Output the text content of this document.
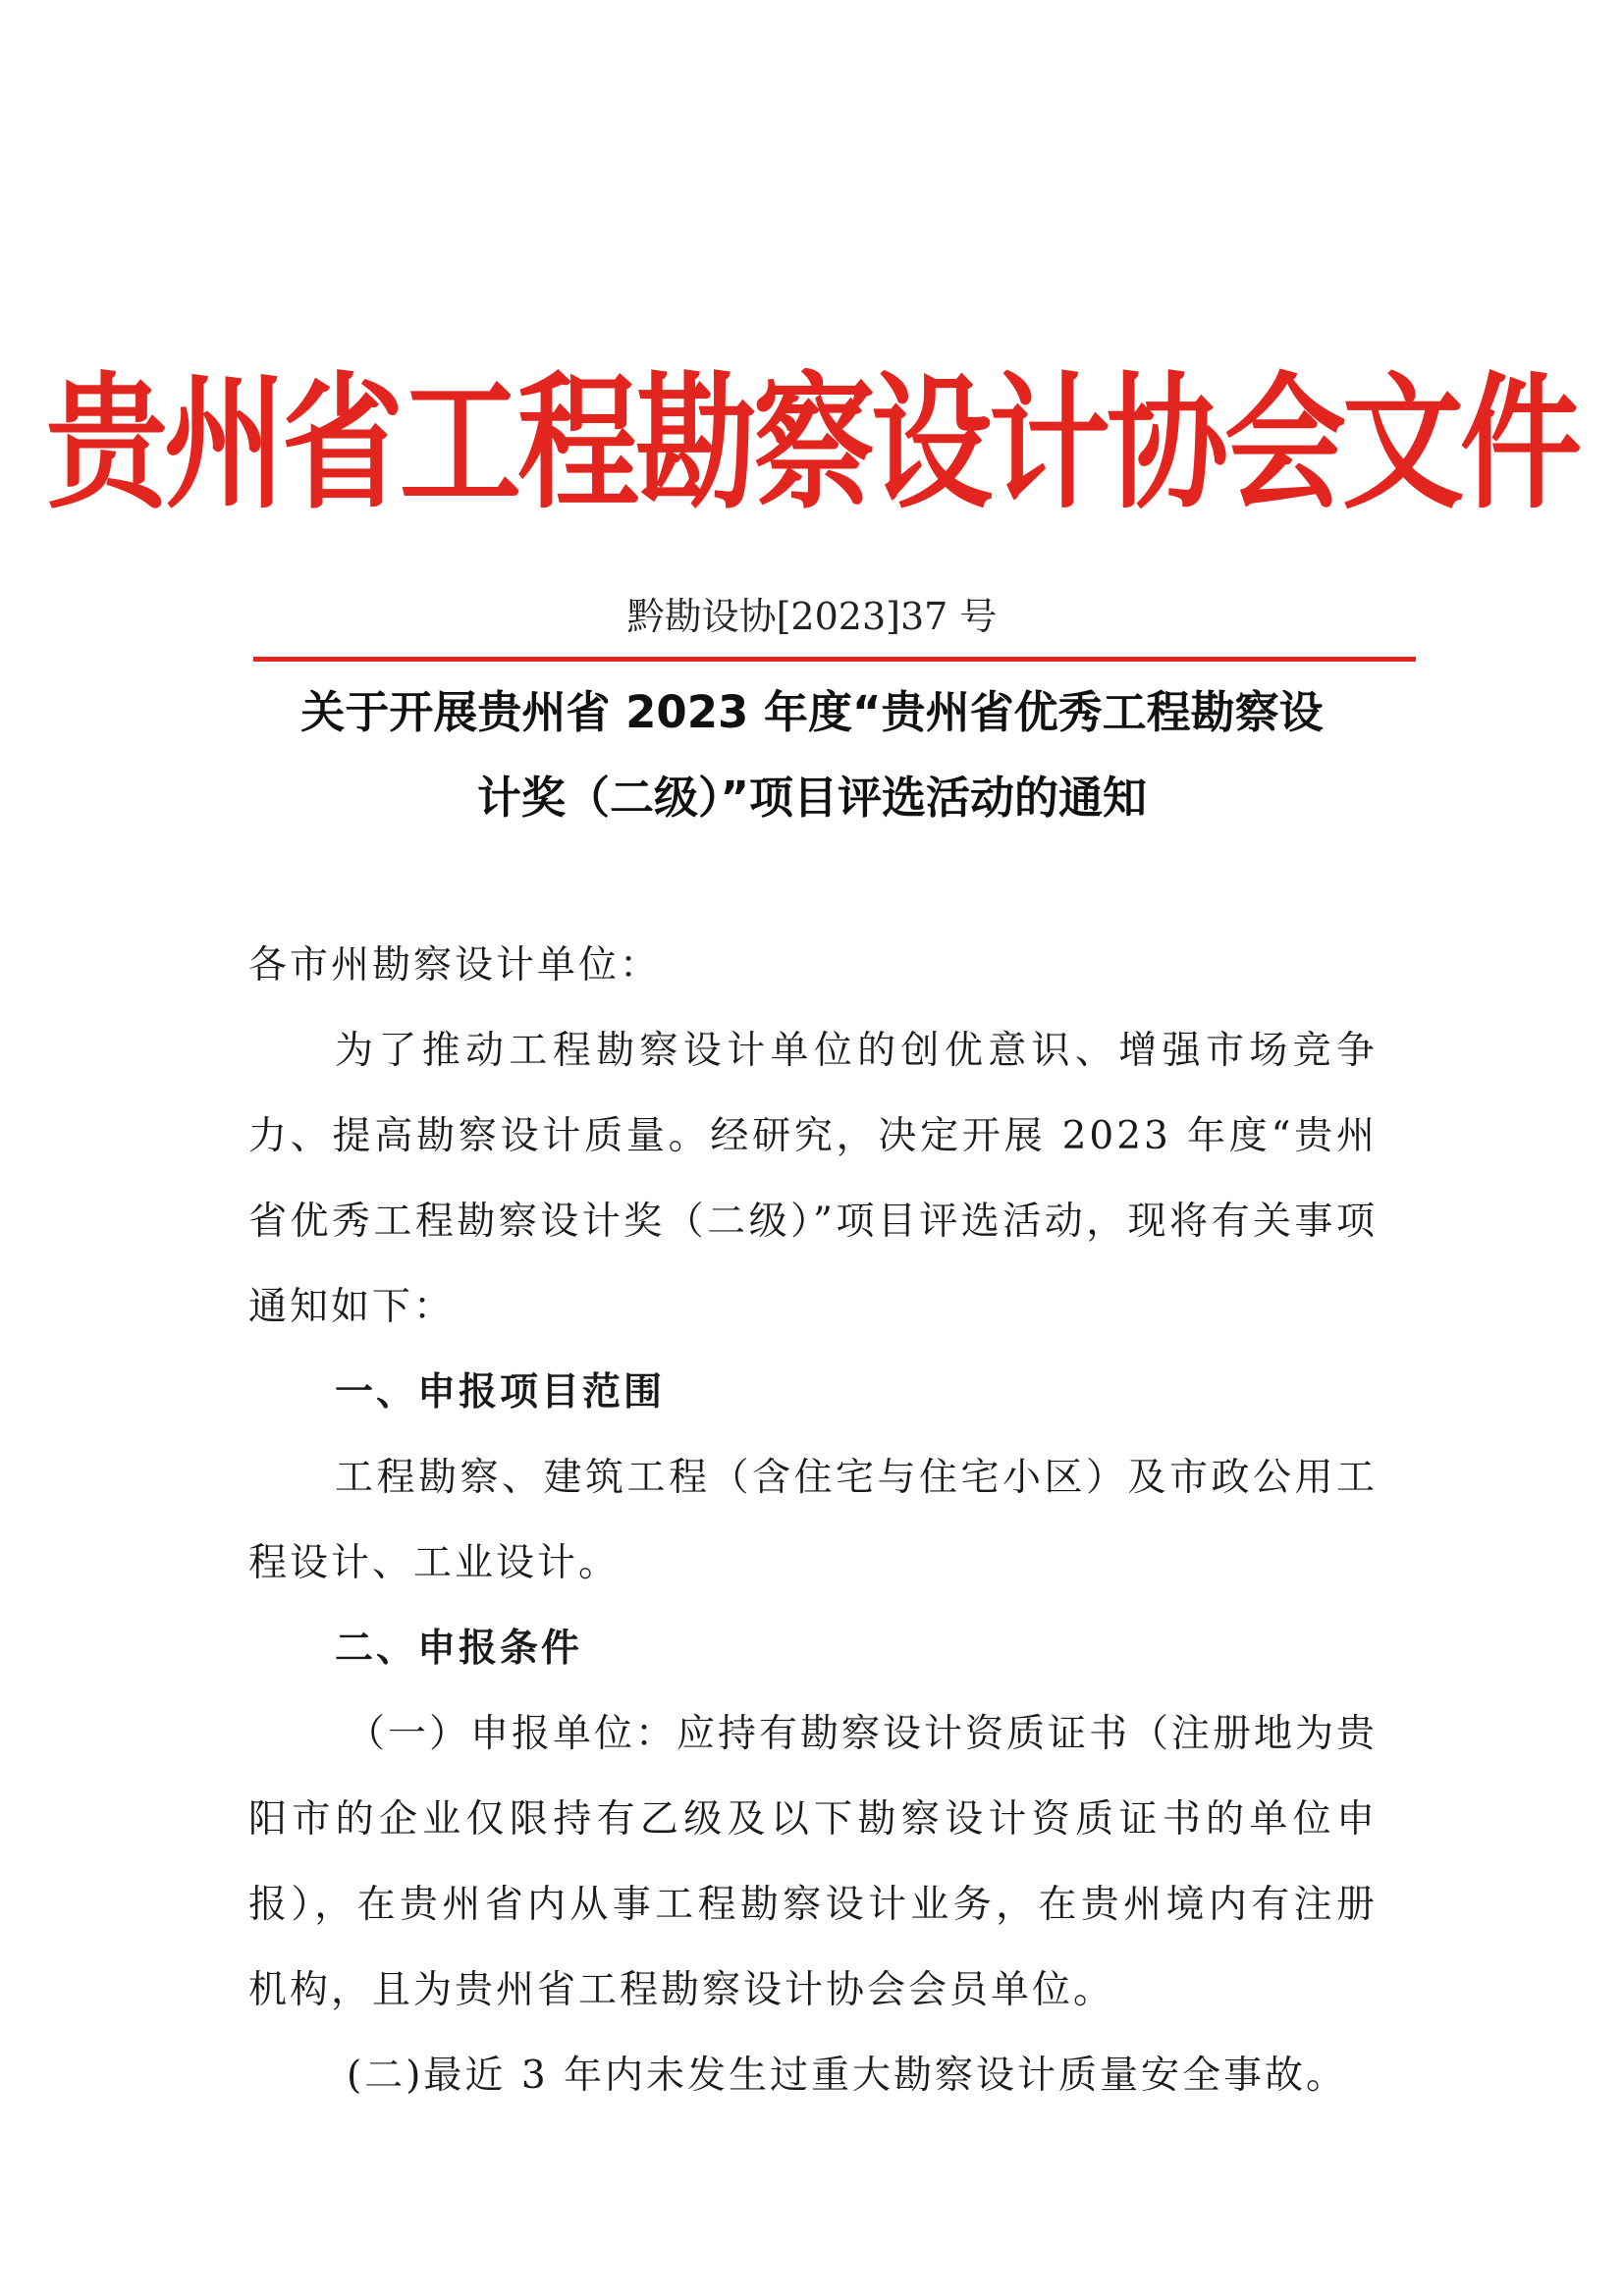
贵州省工程勘察设计协会文件
黔勘设协[2023]37 号
关于开展贵州省 2023 年度“贵州省优秀工程勘察设
计奖（二级）”项目评选活动的通知

各市州勘察设计单位：

为了推动工程勘察设计单位的创优意识、增强市场竞争力、提高勘察设计质量。经研究，决定开展 2023 年度“贵州省优秀工程勘察设计奖（二级）”项目评选活动，现将有关事项通知如下：

一、申报项目范围

工程勘察、建筑工程（含住宅与住宅小区）及市政公用工程设计、工业设计。

二、申报条件

（一）申报单位：应持有勘察设计资质证书（注册地为贵阳市的企业仅限持有乙级及以下勘察设计资质证书的单位申报），在贵州省内从事工程勘察设计业务，在贵州境内有注册机构，且为贵州省工程勘察设计协会会员单位。

(二)最近 3 年内未发生过重大勘察设计质量安全事故。
